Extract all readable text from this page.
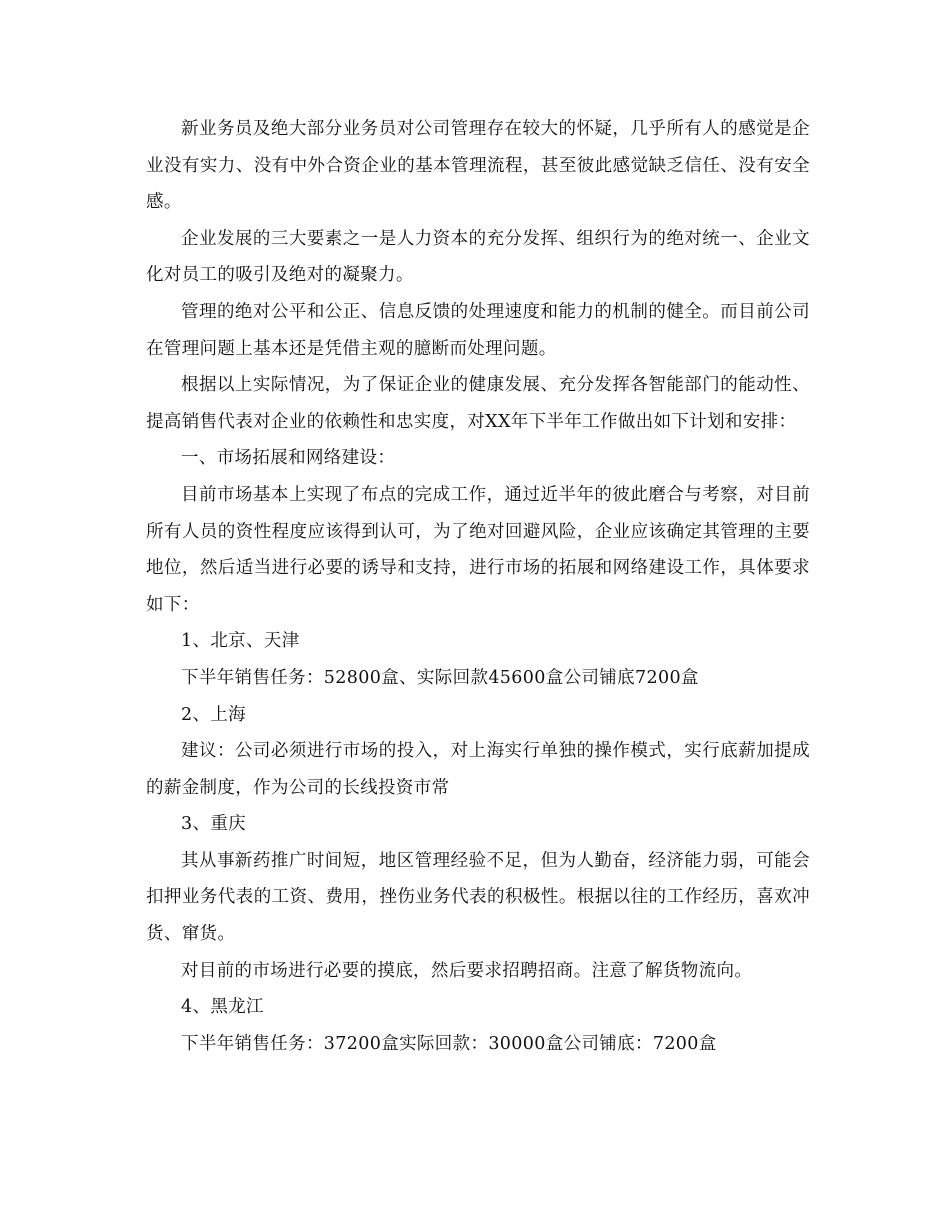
新业务员及绝大部分业务员对公司管理存在较大的怀疑，几乎所有人的感觉是企业没有实力、没有中外合资企业的基本管理流程，甚至彼此感觉缺乏信任、没有安全感。

企业发展的三大要素之一是人力资本的充分发挥、组织行为的绝对统一、企业文化对员工的吸引及绝对的凝聚力。

管理的绝对公平和公正、信息反馈的处理速度和能力的机制的健全。而目前公司在管理问题上基本还是凭借主观的臆断而处理问题。

根据以上实际情况，为了保证企业的健康发展、充分发挥各智能部门的能动性、提高销售代表对企业的依赖性和忠实度，对XX年下半年工作做出如下计划和安排：

一、市场拓展和网络建设：

目前市场基本上实现了布点的完成工作，通过近半年的彼此磨合与考察，对目前所有人员的资性程度应该得到认可，为了绝对回避风险，企业应该确定其管理的主要地位，然后适当进行必要的诱导和支持，进行市场的拓展和网络建设工作，具体要求如下：

1、北京、天津

下半年销售任务：52800盒、实际回款45600盒公司铺底7200盒

2、上海

建议：公司必须进行市场的投入，对上海实行单独的操作模式，实行底薪加提成的薪金制度，作为公司的长线投资市常

3、重庆

其从事新药推广时间短，地区管理经验不足，但为人勤奋，经济能力弱，可能会扣押业务代表的工资、费用，挫伤业务代表的积极性。根据以往的工作经历，喜欢冲货、窜货。

对目前的市场进行必要的摸底，然后要求招聘招商。注意了解货物流向。

4、黑龙江

下半年销售任务：37200盒实际回款：30000盒公司铺底：7200盒
